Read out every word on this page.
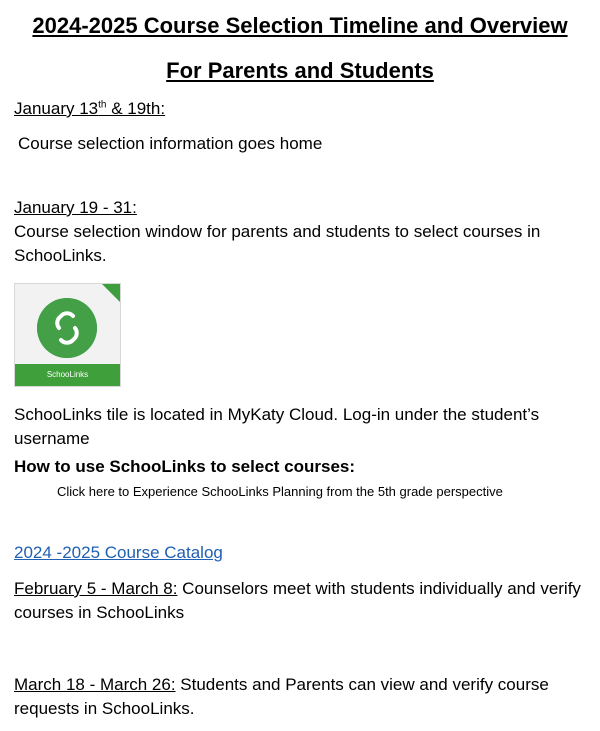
2024-2025 Course Selection Timeline and Overview
For Parents and Students
January 13th & 19th:
Course selection information goes home
January 19 - 31:
Course selection window for parents and students to select courses in SchooLinks.
SchooLinks
SchooLinks tile is located in MyKaty Cloud. Log-in under the student’s username
How to use SchooLinks to select courses:
Click here to Experience SchooLinks Planning from the 5th grade perspective
2024 -2025 Course Catalog
February 5 - March 8: Counselors meet with students individually and verify courses in SchooLinks
March 18 - March 26: Students and Parents can view and verify course requests in SchooLinks.
